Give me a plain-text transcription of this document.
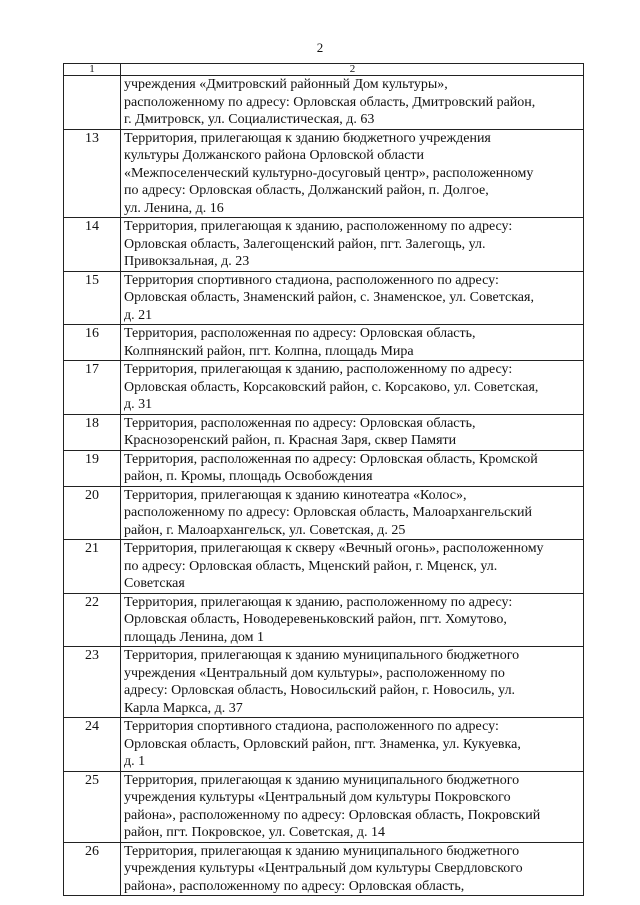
2
1	2

	учреждения «Дмитровский районный Дом культуры»,
расположенному по адресу: Орловская область, Дмитровский район,
г. Дмитровск, ул. Социалистическая, д. 63

13	Территория, прилегающая к зданию бюджетного учреждения
культуры Должанского района Орловской области
«Межпоселенческий культурно-досуговый центр», расположенному
по адресу: Орловская область, Должанский район, п. Долгое,
ул. Ленина, д. 16

14	Территория, прилегающая к зданию, расположенному по адресу:
Орловская область, Залегощенский район, пгт. Залегощь, ул.
Привокзальная, д. 23

15	Территория спортивного стадиона, расположенного по адресу:
Орловская область, Знаменский район, с. Знаменское, ул. Советская,
д. 21

16	Территория, расположенная по адресу: Орловская область,
Колпнянский район, пгт. Колпна, площадь Мира

17	Территория, прилегающая к зданию, расположенному по адресу:
Орловская область, Корсаковский район, с. Корсаково, ул. Советская,
д. 31

18	Территория, расположенная по адресу: Орловская область,
Краснозоренский район, п. Красная Заря, сквер Памяти

19	Территория, расположенная по адресу: Орловская область, Кромской
район, п. Кромы, площадь Освобождения

20	Территория, прилегающая к зданию кинотеатра «Колос»,
расположенному по адресу: Орловская область, Малоархангельский
район, г. Малоархангельск, ул. Советская, д. 25

21	Территория, прилегающая к скверу «Вечный огонь», расположенному
по адресу: Орловская область, Мценский район, г. Мценск, ул.
Советская

22	Территория, прилегающая к зданию, расположенному по адресу:
Орловская область, Новодеревеньковский район, пгт. Хомутово,
площадь Ленина, дом 1

23	Территория, прилегающая к зданию муниципального бюджетного
учреждения «Центральный дом культуры», расположенному по
адресу: Орловская область, Новосильский район, г. Новосиль, ул.
Карла Маркса, д. 37

24	Территория спортивного стадиона, расположенного по адресу:
Орловская область, Орловский район, пгт. Знаменка, ул. Кукуевка,
д. 1

25	Территория, прилегающая к зданию муниципального бюджетного
учреждения культуры «Центральный дом культуры Покровского
района», расположенному по адресу: Орловская область, Покровский
район, пгт. Покровское, ул. Советская, д. 14

26	Территория, прилегающая к зданию муниципального бюджетного
учреждения культуры «Центральный дом культуры Свердловского
района», расположенному по адресу: Орловская область,
